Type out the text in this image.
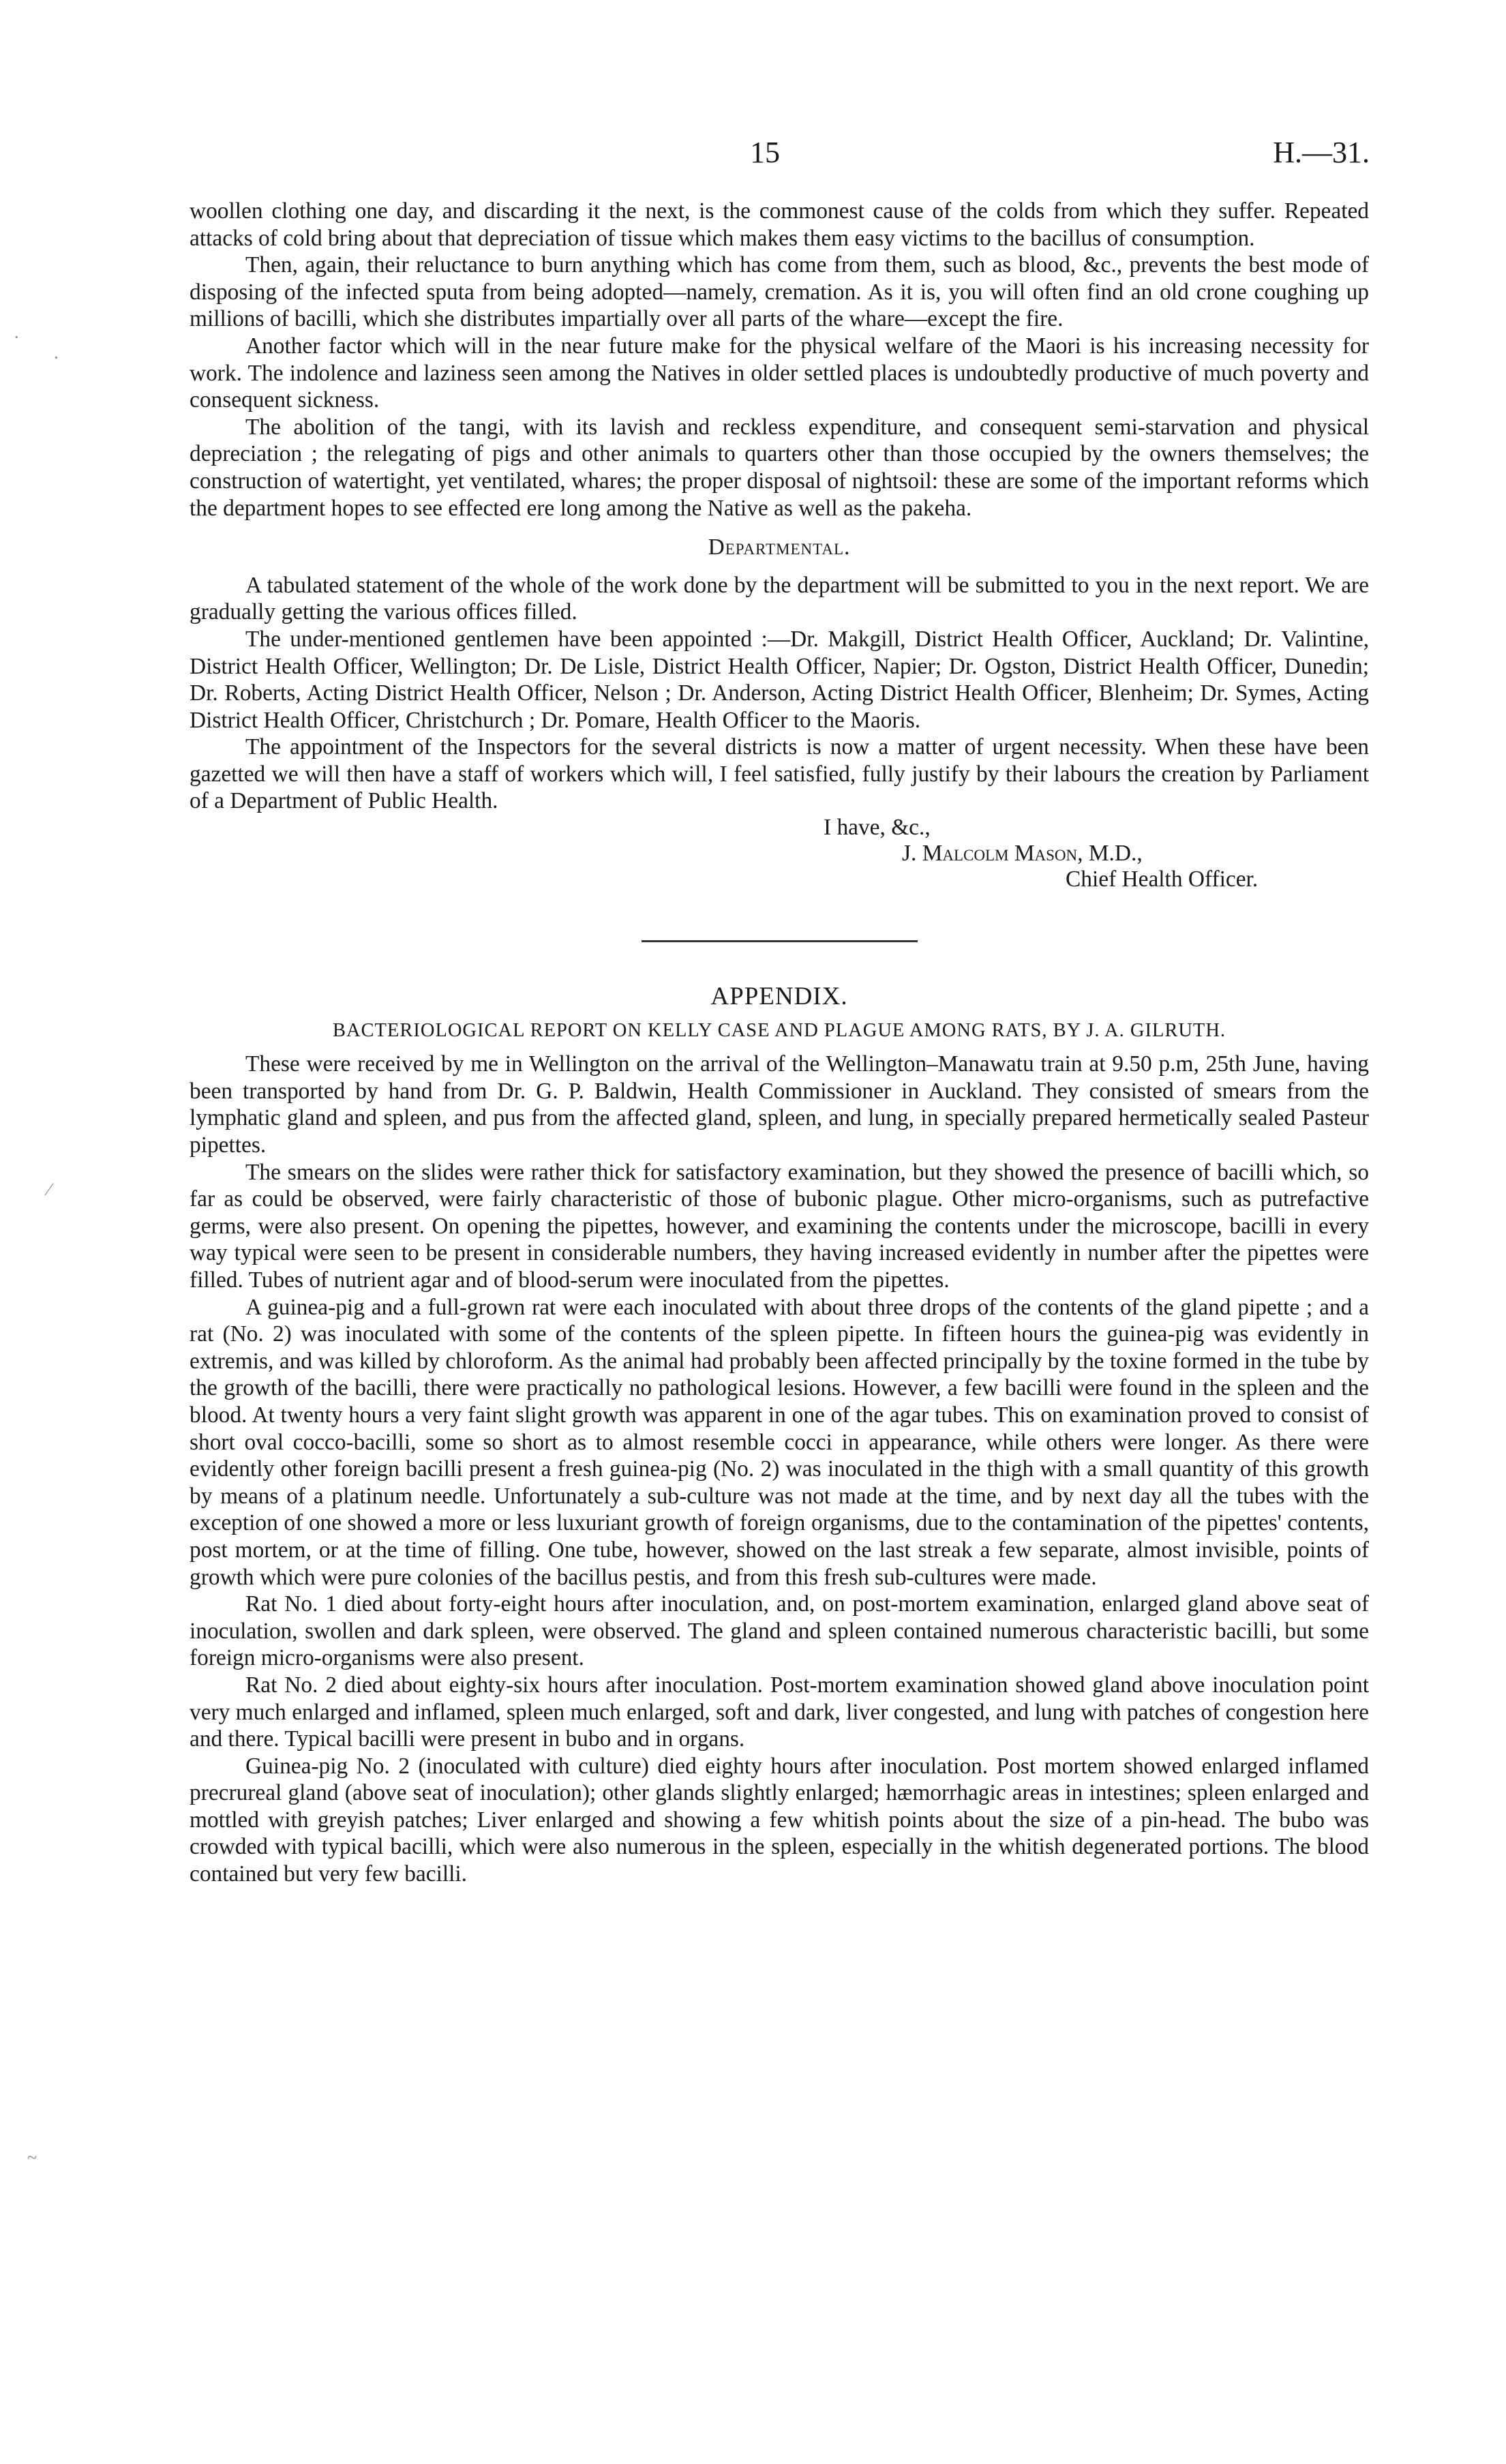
15	H.—31.

woollen clothing one day, and discarding it the next, is the commonest cause of the colds from which they suffer. Repeated attacks of cold bring about that depreciation of tissue which makes them easy victims to the bacillus of consumption.

Then, again, their reluctance to burn anything which has come from them, such as blood, &c., prevents the best mode of disposing of the infected sputa from being adopted—namely, cremation. As it is, you will often find an old crone coughing up millions of bacilli, which she distributes impartially over all parts of the whare—except the fire.

Another factor which will in the near future make for the physical welfare of the Maori is his increasing necessity for work. The indolence and laziness seen among the Natives in older settled places is undoubtedly productive of much poverty and consequent sickness.

The abolition of the tangi, with its lavish and reckless expenditure, and consequent semi-starvation and physical depreciation ; the relegating of pigs and other animals to quarters other than those occupied by the owners themselves; the construction of watertight, yet ventilated, whares; the proper disposal of nightsoil: these are some of the important reforms which the department hopes to see effected ere long among the Native as well as the pakeha.

Departmental.

A tabulated statement of the whole of the work done by the department will be submitted to you in the next report. We are gradually getting the various offices filled.

The under-mentioned gentlemen have been appointed :—Dr. Makgill, District Health Officer, Auckland; Dr. Valintine, District Health Officer, Wellington; Dr. De Lisle, District Health Officer, Napier; Dr. Ogston, District Health Officer, Dunedin; Dr. Roberts, Acting District Health Officer, Nelson ; Dr. Anderson, Acting District Health Officer, Blenheim; Dr. Symes, Acting District Health Officer, Christchurch ; Dr. Pomare, Health Officer to the Maoris.

The appointment of the Inspectors for the several districts is now a matter of urgent necessity. When these have been gazetted we will then have a staff of workers which will, I feel satisfied, fully justify by their labours the creation by Parliament of a Department of Public Health.

I have, &c.,
J. Malcolm Mason, M.D.,
Chief Health Officer.
APPENDIX.
BACTERIOLOGICAL REPORT ON KELLY CASE AND PLAGUE AMONG RATS, BY J. A. GILRUTH.

These were received by me in Wellington on the arrival of the Wellington–Manawatu train at 9.50 p.m, 25th June, having been transported by hand from Dr. G. P. Baldwin, Health Commissioner in Auckland. They consisted of smears from the lymphatic gland and spleen, and pus from the affected gland, spleen, and lung, in specially prepared hermetically sealed Pasteur pipettes.

The smears on the slides were rather thick for satisfactory examination, but they showed the presence of bacilli which, so far as could be observed, were fairly characteristic of those of bubonic plague. Other micro-organisms, such as putrefactive germs, were also present. On opening the pipettes, however, and examining the contents under the microscope, bacilli in every way typical were seen to be present in considerable numbers, they having increased evidently in number after the pipettes were filled. Tubes of nutrient agar and of blood-serum were inoculated from the pipettes.

A guinea-pig and a full-grown rat were each inoculated with about three drops of the contents of the gland pipette ; and a rat (No. 2) was inoculated with some of the contents of the spleen pipette. In fifteen hours the guinea-pig was evidently in extremis, and was killed by chloroform. As the animal had probably been affected principally by the toxine formed in the tube by the growth of the bacilli, there were practically no pathological lesions. However, a few bacilli were found in the spleen and the blood. At twenty hours a very faint slight growth was apparent in one of the agar tubes. This on examination proved to consist of short oval cocco-bacilli, some so short as to almost resemble cocci in appearance, while others were longer. As there were evidently other foreign bacilli present a fresh guinea-pig (No. 2) was inoculated in the thigh with a small quantity of this growth by means of a platinum needle. Unfortunately a sub-culture was not made at the time, and by next day all the tubes with the exception of one showed a more or less luxuriant growth of foreign organisms, due to the contamination of the pipettes' contents, post mortem, or at the time of filling. One tube, however, showed on the last streak a few separate, almost invisible, points of growth which were pure colonies of the bacillus pestis, and from this fresh sub-cultures were made.

Rat No. 1 died about forty-eight hours after inoculation, and, on post-mortem examination, enlarged gland above seat of inoculation, swollen and dark spleen, were observed. The gland and spleen contained numerous characteristic bacilli, but some foreign micro-organisms were also present.

Rat No. 2 died about eighty-six hours after inoculation. Post-mortem examination showed gland above inoculation point very much enlarged and inflamed, spleen much enlarged, soft and dark, liver congested, and lung with patches of congestion here and there. Typical bacilli were present in bubo and in organs.

Guinea-pig No. 2 (inoculated with culture) died eighty hours after inoculation. Post mortem showed enlarged inflamed precrureal gland (above seat of inoculation); other glands slightly enlarged; hæmorrhagic areas in intestines; spleen enlarged and mottled with greyish patches; Liver enlarged and showing a few whitish points about the size of a pin-head. The bubo was crowded with typical bacilli, which were also numerous in the spleen, especially in the whitish degenerated portions. The blood contained but very few bacilli.

·
·
⁄
~
